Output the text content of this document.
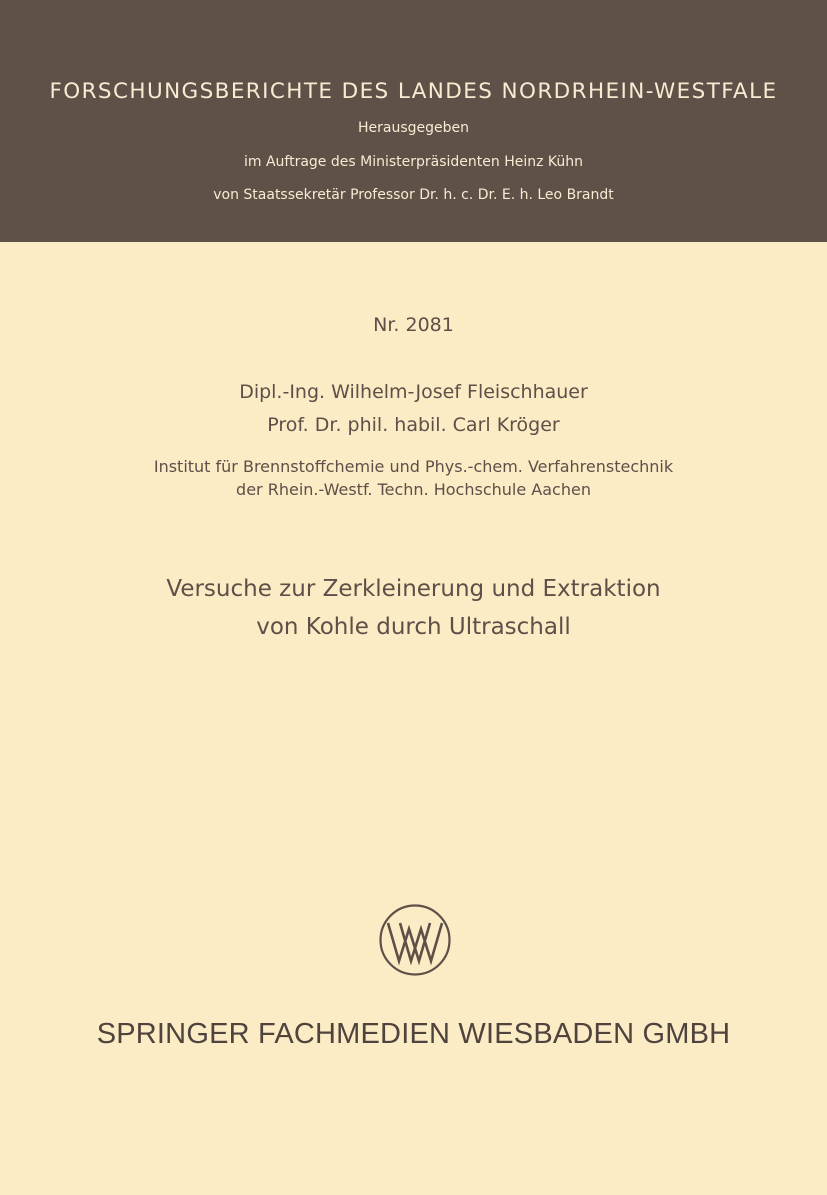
FORSCHUNGSBERICHTE DES LANDES NORDRHEIN-WESTFALE
Herausgegeben
im Auftrage des Ministerpräsidenten Heinz Kühn
von Staatssekretär Professor Dr. h. c. Dr. E. h. Leo Brandt
Nr. 2081
Dipl.-Ing. Wilhelm-Josef Fleischhauer
Prof. Dr. phil. habil. Carl Kröger
Institut für Brennstoffchemie und Phys.-chem. Verfahrenstechnik
der Rhein.-Westf. Techn. Hochschule Aachen
Versuche zur Zerkleinerung und Extraktion
von Kohle durch Ultraschall
SPRINGER FACHMEDIEN WIESBADEN GMBH
